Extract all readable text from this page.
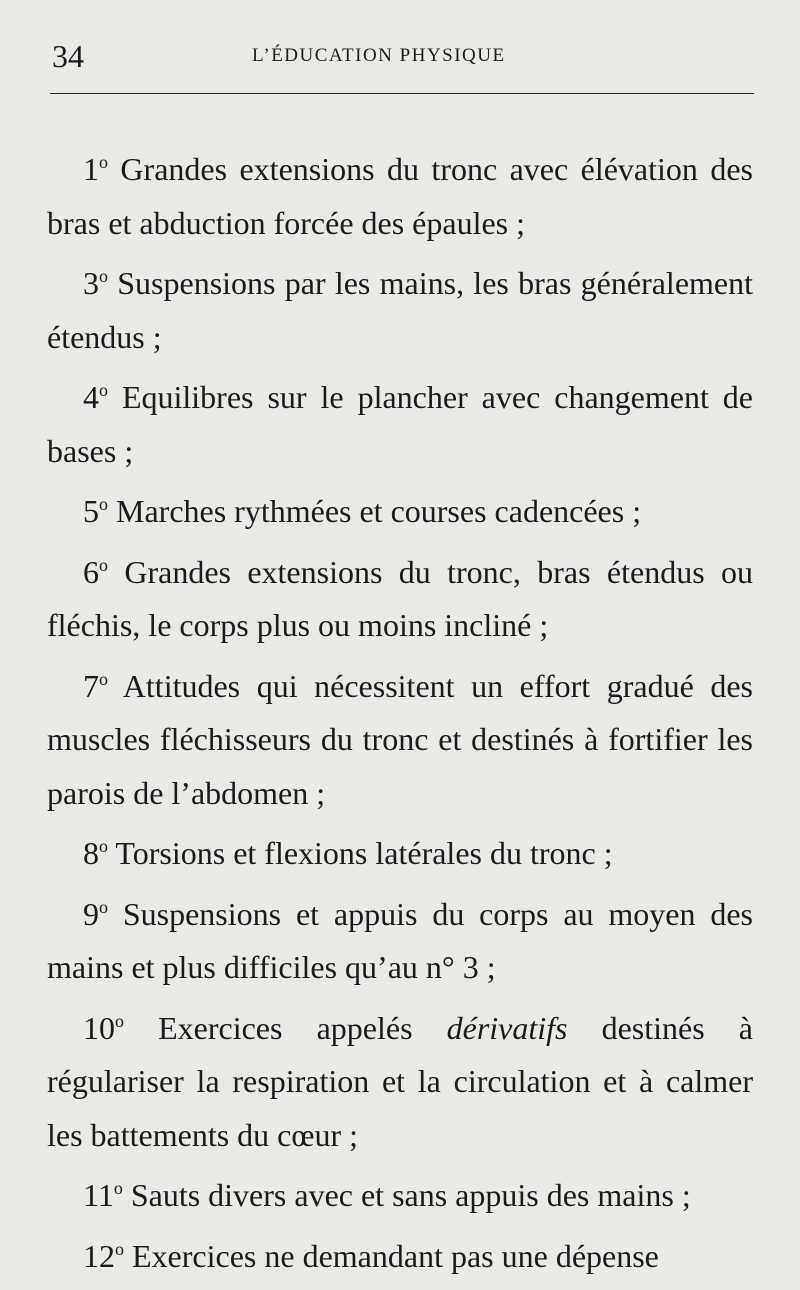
34	L’ÉDUCATION PHYSIQUE
1$^o$ Grandes extensions du tronc avec élévation des bras et abduction forcée des épaules ;
3$^o$ Suspensions par les mains, les bras généralement étendus ;
4$^o$ Equilibres sur le plancher avec changement de bases ;
5$^o$ Marches rythmées et courses cadencées ;
6$^o$ Grandes extensions du tronc, bras étendus ou fléchis, le corps plus ou moins incliné ;
7$^o$ Attitudes qui nécessitent un effort gradué des muscles fléchisseurs du tronc et destinés à fortifier les parois de l’abdomen ;
8$^o$ Torsions et flexions latérales du tronc ;
9$^o$ Suspensions et appuis du corps au moyen des mains et plus difficiles qu’au n° 3 ;
10$^o$ Exercices appelés dérivatifs destinés à régulariser la respiration et la circulation et à calmer les battements du cœur ;
11$^o$ Sauts divers avec et sans appuis des mains ;
12$^o$ Exercices ne demandant pas une dépense
